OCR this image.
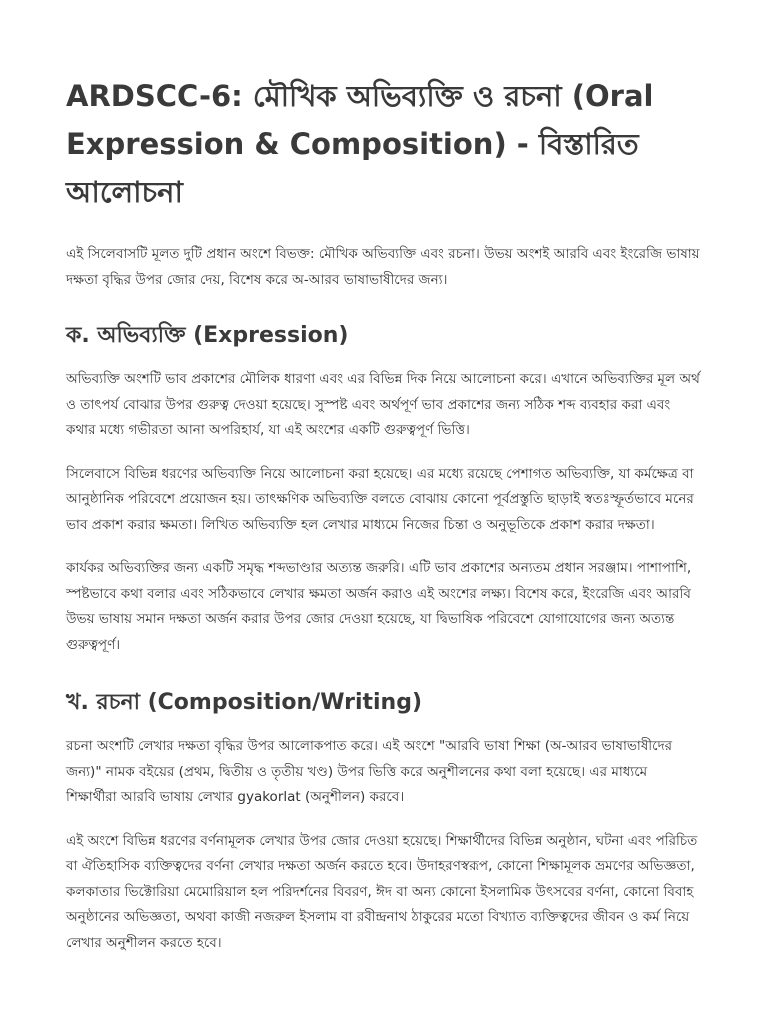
ARDSCC-6: মৌখিক অভিব্যক্তি ও রচনা (Oral Expression & Composition) - বিস্তারিত আলোচনা

এই সিলেবাসটি মূলত দুটি প্রধান অংশে বিভক্ত: মৌখিক অভিব্যক্তি এবং রচনা। উভয় অংশই আরবি এবং ইংরেজি ভাষায় দক্ষতা বৃদ্ধির উপর জোর দেয়, বিশেষ করে অ-আরব ভাষাভাষীদের জন্য।

ক. অভিব্যক্তি (Expression)

অভিব্যক্তি অংশটি ভাব প্রকাশের মৌলিক ধারণা এবং এর বিভিন্ন দিক নিয়ে আলোচনা করে। এখানে অভিব্যক্তির মূল অর্থ ও তাৎপর্য বোঝার উপর গুরুত্ব দেওয়া হয়েছে। সুস্পষ্ট এবং অর্থপূর্ণ ভাব প্রকাশের জন্য সঠিক শব্দ ব্যবহার করা এবং কথার মধ্যে গভীরতা আনা অপরিহার্য, যা এই অংশের একটি গুরুত্বপূর্ণ ভিত্তি।

সিলেবাসে বিভিন্ন ধরণের অভিব্যক্তি নিয়ে আলোচনা করা হয়েছে। এর মধ্যে রয়েছে পেশাগত অভিব্যক্তি, যা কর্মক্ষেত্র বা আনুষ্ঠানিক পরিবেশে প্রয়োজন হয়। তাৎক্ষণিক অভিব্যক্তি বলতে বোঝায় কোনো পূর্বপ্রস্তুতি ছাড়াই স্বতঃস্ফূর্তভাবে মনের ভাব প্রকাশ করার ক্ষমতা। লিখিত অভিব্যক্তি হল লেখার মাধ্যমে নিজের চিন্তা ও অনুভূতিকে প্রকাশ করার দক্ষতা।

কার্যকর অভিব্যক্তির জন্য একটি সমৃদ্ধ শব্দভাণ্ডার অত্যন্ত জরুরি। এটি ভাব প্রকাশের অন্যতম প্রধান সরঞ্জাম। পাশাপাশি, স্পষ্টভাবে কথা বলার এবং সঠিকভাবে লেখার ক্ষমতা অর্জন করাও এই অংশের লক্ষ্য। বিশেষ করে, ইংরেজি এবং আরবি উভয় ভাষায় সমান দক্ষতা অর্জন করার উপর জোর দেওয়া হয়েছে, যা দ্বিভাষিক পরিবেশে যোগাযোগের জন্য অত্যন্ত গুরুত্বপূর্ণ।

খ. রচনা (Composition/Writing)

রচনা অংশটি লেখার দক্ষতা বৃদ্ধির উপর আলোকপাত করে। এই অংশে "আরবি ভাষা শিক্ষা (অ-আরব ভাষাভাষীদের জন্য)" নামক বইয়ের (প্রথম, দ্বিতীয় ও তৃতীয় খণ্ড) উপর ভিত্তি করে অনুশীলনের কথা বলা হয়েছে। এর মাধ্যমে শিক্ষার্থীরা আরবি ভাষায় লেখার gyakorlat (অনুশীলন) করবে।

এই অংশে বিভিন্ন ধরণের বর্ণনামূলক লেখার উপর জোর দেওয়া হয়েছে। শিক্ষার্থীদের বিভিন্ন অনুষ্ঠান, ঘটনা এবং পরিচিত বা ঐতিহাসিক ব্যক্তিত্বদের বর্ণনা লেখার দক্ষতা অর্জন করতে হবে। উদাহরণস্বরূপ, কোনো শিক্ষামূলক ভ্রমণের অভিজ্ঞতা, কলকাতার ভিক্টোরিয়া মেমোরিয়াল হল পরিদর্শনের বিবরণ, ঈদ বা অন্য কোনো ইসলামিক উৎসবের বর্ণনা, কোনো বিবাহ অনুষ্ঠানের অভিজ্ঞতা, অথবা কাজী নজরুল ইসলাম বা রবীন্দ্রনাথ ঠাকুরের মতো বিখ্যাত ব্যক্তিত্বদের জীবন ও কর্ম নিয়ে লেখার অনুশীলন করতে হবে।
